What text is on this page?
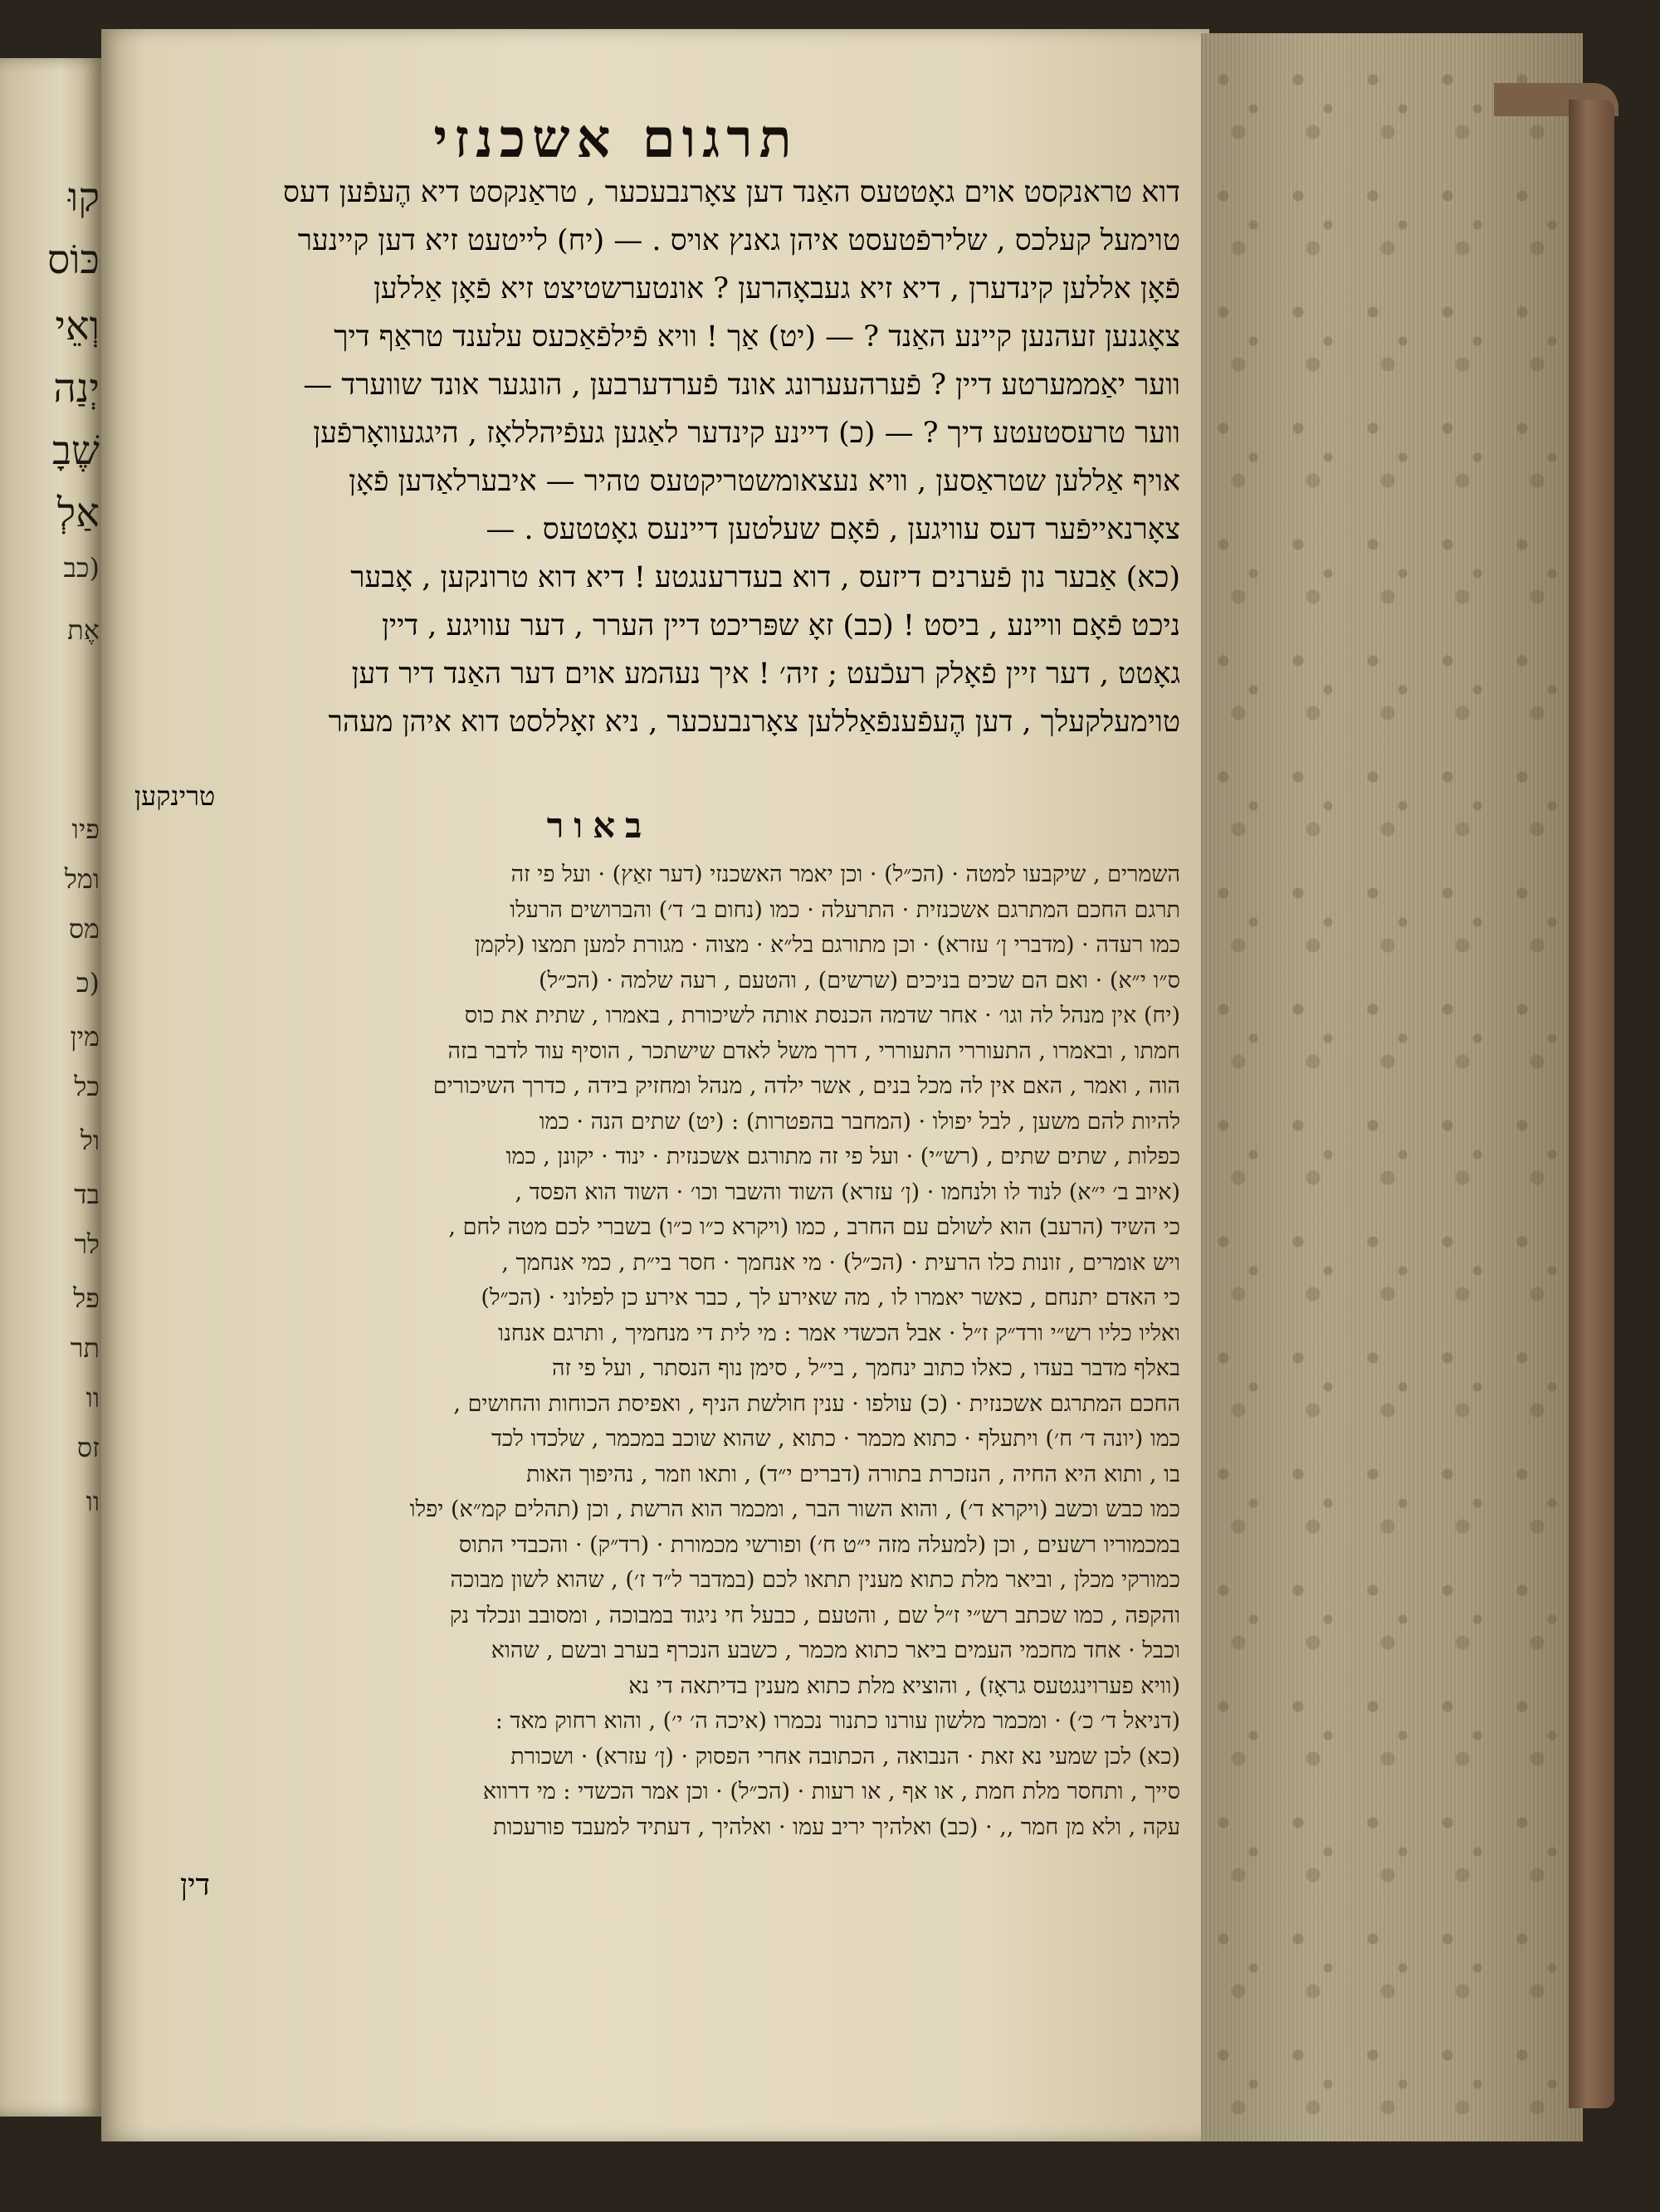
קוּ
כּוֹס
וְאֵי
יְנַה
שֶׁבָ
אַלְ
(כב
אֶת
פיו
ומל
מס
(כ
מין
כל
ול
בד
לר
פל
תר
וו
זס
וו
תרגום אשכנזי
דוא טראנקסט אוים גאָטטעס האַנד דען צאָרנבעכער , טראַנקסט דיא הֶעפֿען דעס
טוימעל קעלכס , שלירפֿטעסט איהן גאנץ אויס . — (יח) לייטעט זיא דען קיינער
פֿאָן אללען קינדערן , דיא זיא געבאָהרען ? אונטערשטיצט זיא פֿאָן אַללען
צאָגנען זעהנען קיינע האַנד ? — (יט) אַך ! וויא פֿילפֿאַכעס עלענד טראַף דיך
ווער יאַממערטע דיין ? פֿערהעערונג אונד פֿערדערבען , הונגער אונד שווערד —
ווער טרעסטעטע דיך ? — (כ) דיינע קינדער לאַגען געפֿיהללאָז , היגגעוואָרפֿען
אויף אַללען שטראַסען , וויא נעצאומשטריקטעס טהיר — איבערלאַדען פֿאָן
צאָרנאייפֿער דעס עוויגען , פֿאָם שעלטען דיינעס גאָטטעס . —
(כא) אַבער נון פֿערנים דיזעס , דוא בעדרענגטע ! דיא דוא טרונקען , אָבער
ניכט פֿאָם ווײנע , ביסט ! (כב) זאָ שפּריכט דיין הערר , דער עוויגע , דיין
גאָטט , דער זיין פֿאָלק רעכֿעט ; זיה׳ ! איך נעהמע אוים דער האַנד דיר דען
טוימעלקעלך , דען הֶעפֿענפֿאַללען צאָרנבעכער , ניא זאָללסט דוא איהן מעהר
טרינקען
באור
השמרים , שיקבעו למטה · (הכ״ל) · וכן יאמר האשכנזי (דער זאַץ) · ועל פי זה
תרגם החכם המתרגם אשכנזית · התרעלה · כמו (נחום ב׳ ד׳) והברושים הרעלו
כמו רעדה · (מדברי ן׳ עזרא) · וכן מתורגם בל״א · מצוה · מגורת למען תמצו (לקמן
ס״ו י״א) · ואם הם שכים בניכים (שרשים) , והטעם , רעה שלמה · (הכ״ל)
(יח) אין מנהל לה וגו׳ · אחר שדמה הכנסת אותה לשיכורת , באמרו , שתית את כוס
חמתו , ובאמרו , התעוררי התעוררי , דרך משל לאדם שישתכר , הוסיף עוד לדבר בזה
הוה , ואמר , האם אין לה מכל בנים , אשר ילדה , מנהל ומחזיק בידה , כדרך השיכורים
להיות להם משען , לבל יפולו · (המחבר בהפטרות) : (יט) שתים הנה · כמו
כפלות , שתים שתים , (רש״י) · ועל פי זה מתורגם אשכנזית · ינוד · יקונן , כמו
(איוב ב׳ י״א) לנוד לו ולנחמו · (ן׳ עזרא) השוד והשבר וכו׳ · השוד הוא הפסד ,
כי השיד (הרעב) הוא לשולם עם החרב , כמו (ויקרא כ״ו כ״ו) בשברי לכם מטה לחם ,
ויש אומרים , זונות כלו הרעית · (הכ״ל) · מי אנחמך · חסר בי״ת , כמי אנחמך ,
כי האדם יתנחם , כאשר יאמרו לו , מה שאירע לך , כבר אירע כן לפלוני · (הכ״ל)
ואליו כליו רש״י ורד״ק ז״ל · אבל הכשדי אמר : מי לית די מנחמיך , ותרגם אנחנו
באלף מדבר בעדו , כאלו כתוב ינחמך , בי״ל , סימן נוף הנסתר , ועל פי זה
החכם המתרגם אשכנזית · (כ) עולפו · ענין חולשת הניף , ואפיסת הכוחות והחושים ,
כמו (יונה ד׳ ח׳) ויתעלף · כתוא מכמר · כתוא , שהוא שוכב במכמר , שלכדו לכד
בו , ותוא היא החיה , הנזכרת בתורה (דברים י״ד) , ותאו וזמר , נהיפוך האות
כמו כבש וכשב (ויקרא ד׳) , והוא השור הבר , ומכמר הוא הרשת , וכן (תהלים קמ״א) יפלו
במכמוריו רשעים , וכן (למעלה מזה י״ט ח׳) ופורשי מכמורת · (רד״ק) · והכבדי התוס
כמורקי מכלן , וביאר מלת כתוא מענין תתאו לכם (במדבר ל״ד ז׳) , שהוא לשון מבוכה
והקפה , כמו שכתב רש״י ז״ל שם , והטעם , כבעל חי ניגוד במבוכה , ומסובב ונכלד נק
וכבל · אחד מחכמי העמים ביאר כתוא מכמר , כשבע הנכרף בערב ובשם , שהוא
(וויא פערוינגטעס גראָז) , והוציא מלת כתוא מענין בדיתאה די נא
(דניאל ד׳ כ׳) · ומכמר מלשון עורנו כתנור נכמרו (איכה ה׳ י׳) , והוא רחוק מאד :
(כא) לכן שמעי נא זאת · הנבואה , הכתובה אחרי הפסוק · (ן׳ עזרא) · ושכורת
סייך , ותחסר מלת חמת , או אף , או רעות · (הכ״ל) · וכן אמר הכשדי : מי דרווא
עקה , ולא מן חמר ,, · (כב) ואלהיך יריב עמו · ואלהיך , דעתיד למעבד פורעכות
דין
